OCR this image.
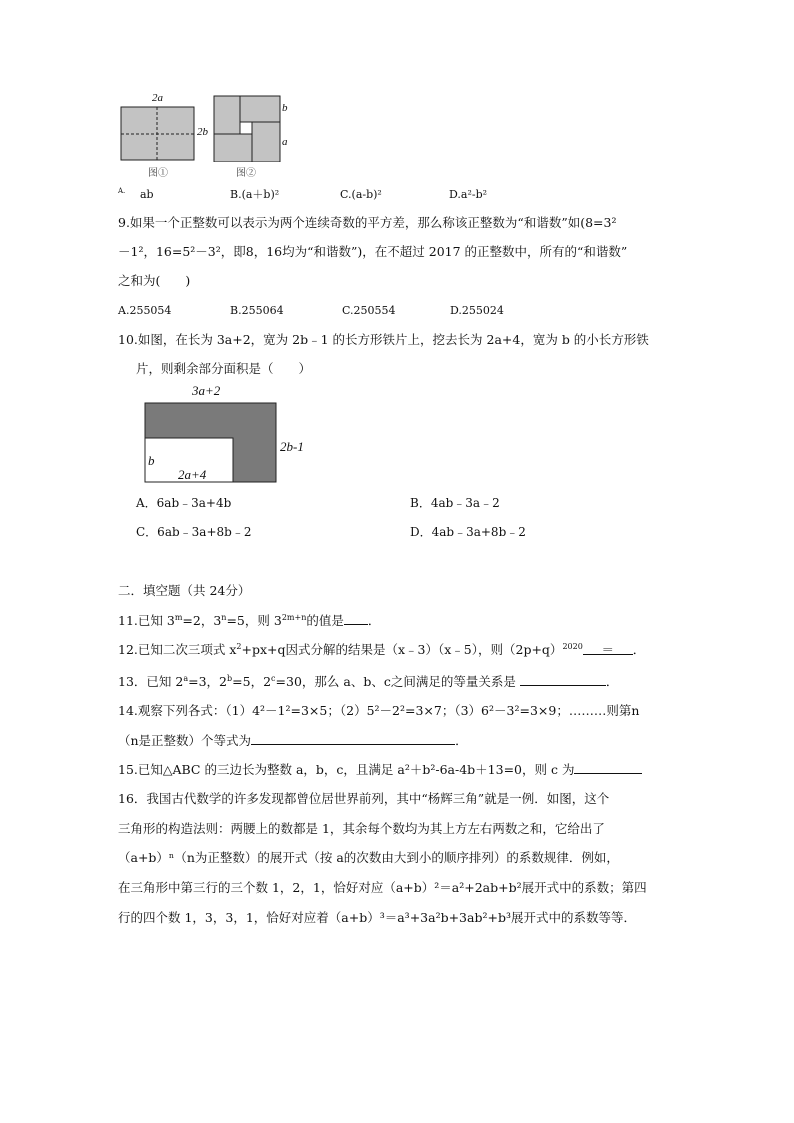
2a
2b
图①
b
a
图②
A. ab	B.(a＋b)²	C.(a-b)²	D.a²-b²
9.如果一个正整数可以表示为两个连续奇数的平方差，那么称该正整数为“和谐数”如(8=3²
－1²，16=5²－3²，即8，16均为“和谐数”)，在不超过 2017 的正整数中，所有的“和谐数”
之和为(　　)
A.255054	B.255064	C.250554	D.255024
10.如图，在长为 3a+2，宽为 2b﹣1 的长方形铁片上，挖去长为 2a+4，宽为 b 的小长方形铁
片，则剩余部分面积是（　　）
3a+2
2b-1
b
2a+4
A．6ab﹣3a+4b	B．4ab﹣3a﹣2
C．6ab﹣3a+8b﹣2	D．4ab﹣3a+8b﹣2
二．填空题（共 24分）
11.已知 $3^m=2$，$3^n=5$，则 $3^{2m+n}$的值是 ．
12.已知二次三项式 $x^2+px+q$因式分解的结果是（x﹣3）（x﹣5），则$(2p+q)^{2020}$ ＝ ．
13．已知 $2^a=3$，$2^b=5$，$2^c=30$，那么 a、b、c之间满足的等量关系是	．
14.观察下列各式：（1）4²－1²=3×5；（2）5²－2²=3×7；（3）6²－3²=3×9；………则第n
（n是正整数）个等式为	．
15.已知△ABC 的三边长为整数 a，b，c，且满足 a²＋b²-6a-4b＋13=0，则 c 为
16．我国古代数学的许多发现都曾位居世界前列，其中“杨辉三角”就是一例．如图，这个
三角形的构造法则：两腰上的数都是 1，其余每个数均为其上方左右两数之和，它给出了
（a+b）ⁿ（n为正整数）的展开式（按 a的次数由大到小的顺序排列）的系数规律．例如，
在三角形中第三行的三个数 1，2，1，恰好对应（a+b）²＝a²+2ab+b²展开式中的系数；第四
行的四个数 1，3，3，1，恰好对应着（a+b）³＝a³+3a²b+3ab²+b³展开式中的系数等等．
